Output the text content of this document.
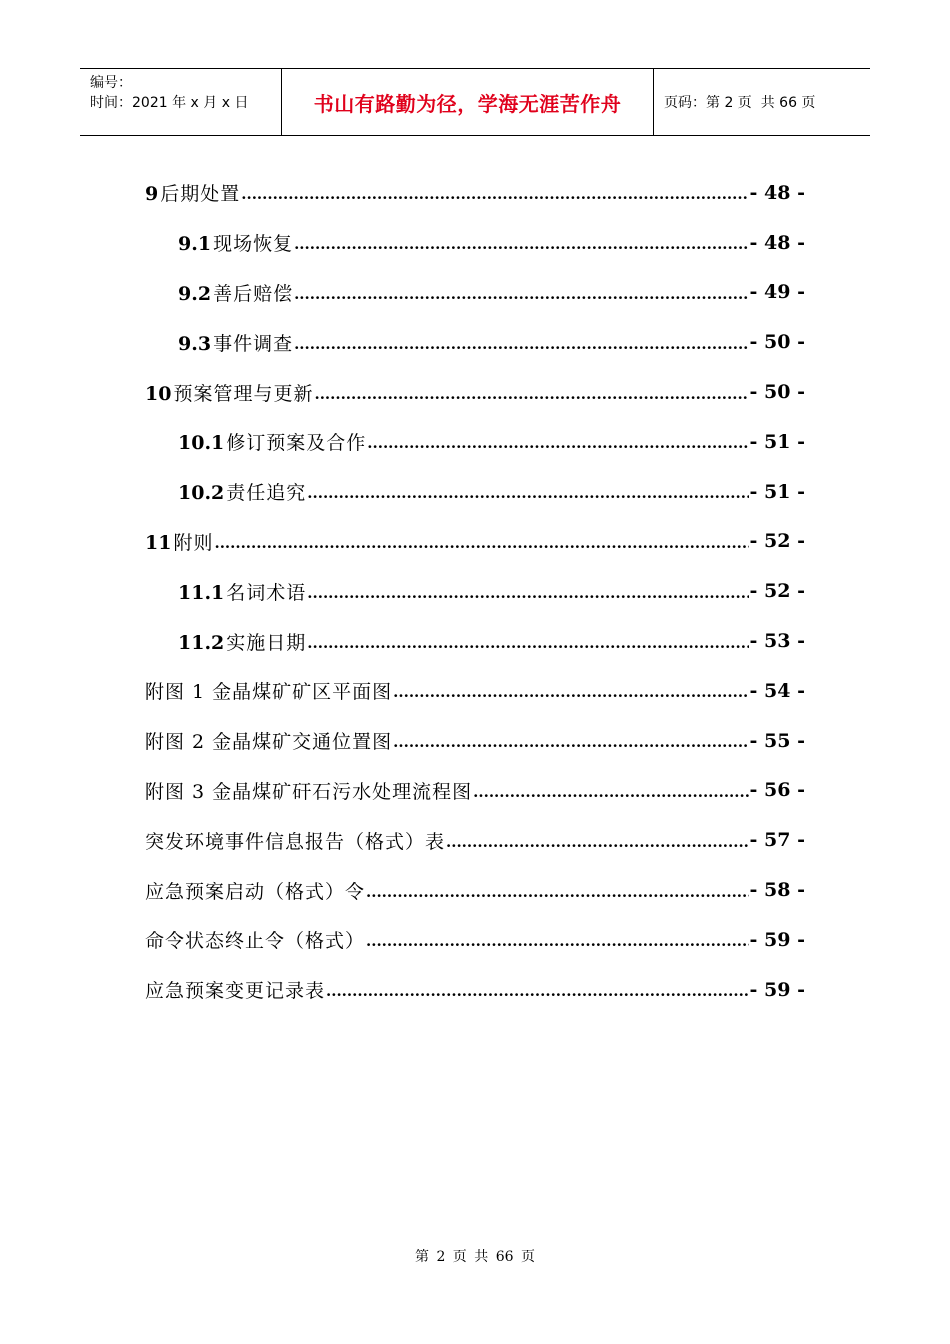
编号：
时间：2021 年 x 月 x 日	书山有路勤为径，学海无涯苦作舟	页码：第 2 页  共 66 页
9 后期处置 .....	- 48 -
9.1 现场恢复 .....	- 48 -
9.2 善后赔偿 .....	- 49 -
9.3 事件调查 .....	- 50 -
10 预案管理与更新 .....	- 50 -
10.1 修订预案及合作 .....	- 51 -
10.2 责任追究 .....	- 51 -
11 附则 .....	- 52 -
11.1 名词术语 .....	- 52 -
11.2 实施日期 .....	- 53 -
附图 1 金晶煤矿矿区平面图 .....	- 54 -
附图 2 金晶煤矿交通位置图 .....	- 55 -
附图 3 金晶煤矿矸石污水处理流程图 .....	- 56 -
突发环境事件信息报告（格式）表 .....	- 57 -
应急预案启动（格式）令 .....	- 58 -
命令状态终止令（格式） .....	- 59 -
应急预案变更记录表 .....	- 59 -
第 2 页 共 66 页
